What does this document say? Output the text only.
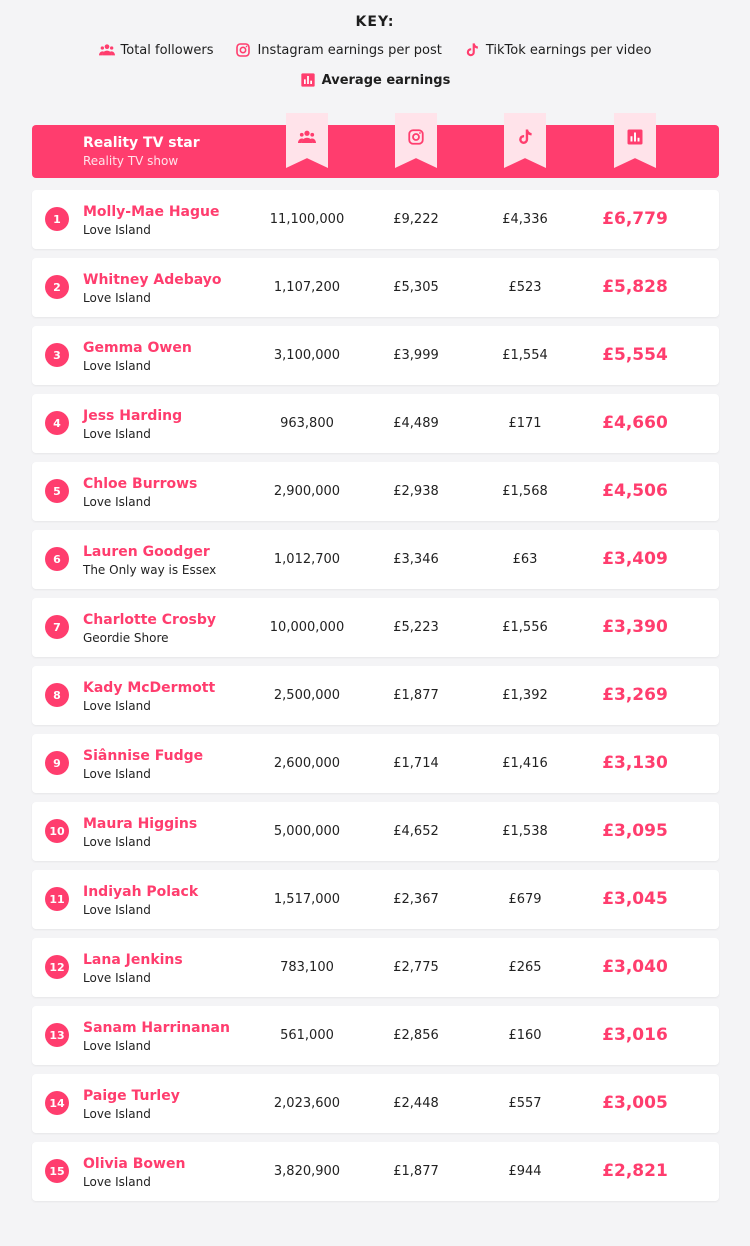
KEY:
Total followers	Instagram earnings per post	TikTok earnings per video
Average earnings
Reality TV star
Reality TV show
1	Molly-Mae Hague
Love Island
11,100,000	£9,222	£4,336	£6,779
2	Whitney Adebayo
Love Island
1,107,200	£5,305	£523	£5,828
3	Gemma Owen
Love Island
3,100,000	£3,999	£1,554	£5,554
4	Jess Harding
Love Island
963,800	£4,489	£171	£4,660
5	Chloe Burrows
Love Island
2,900,000	£2,938	£1,568	£4,506
6	Lauren Goodger
The Only way is Essex
1,012,700	£3,346	£63	£3,409
7	Charlotte Crosby
Geordie Shore
10,000,000	£5,223	£1,556	£3,390
8	Kady McDermott
Love Island
2,500,000	£1,877	£1,392	£3,269
9	Siânnise Fudge
Love Island
2,600,000	£1,714	£1,416	£3,130
10	Maura Higgins
Love Island
5,000,000	£4,652	£1,538	£3,095
11	Indiyah Polack
Love Island
1,517,000	£2,367	£679	£3,045
12	Lana Jenkins
Love Island
783,100	£2,775	£265	£3,040
13	Sanam Harrinanan
Love Island
561,000	£2,856	£160	£3,016
14	Paige Turley
Love Island
2,023,600	£2,448	£557	£3,005
15	Olivia Bowen
Love Island
3,820,900	£1,877	£944	£2,821
